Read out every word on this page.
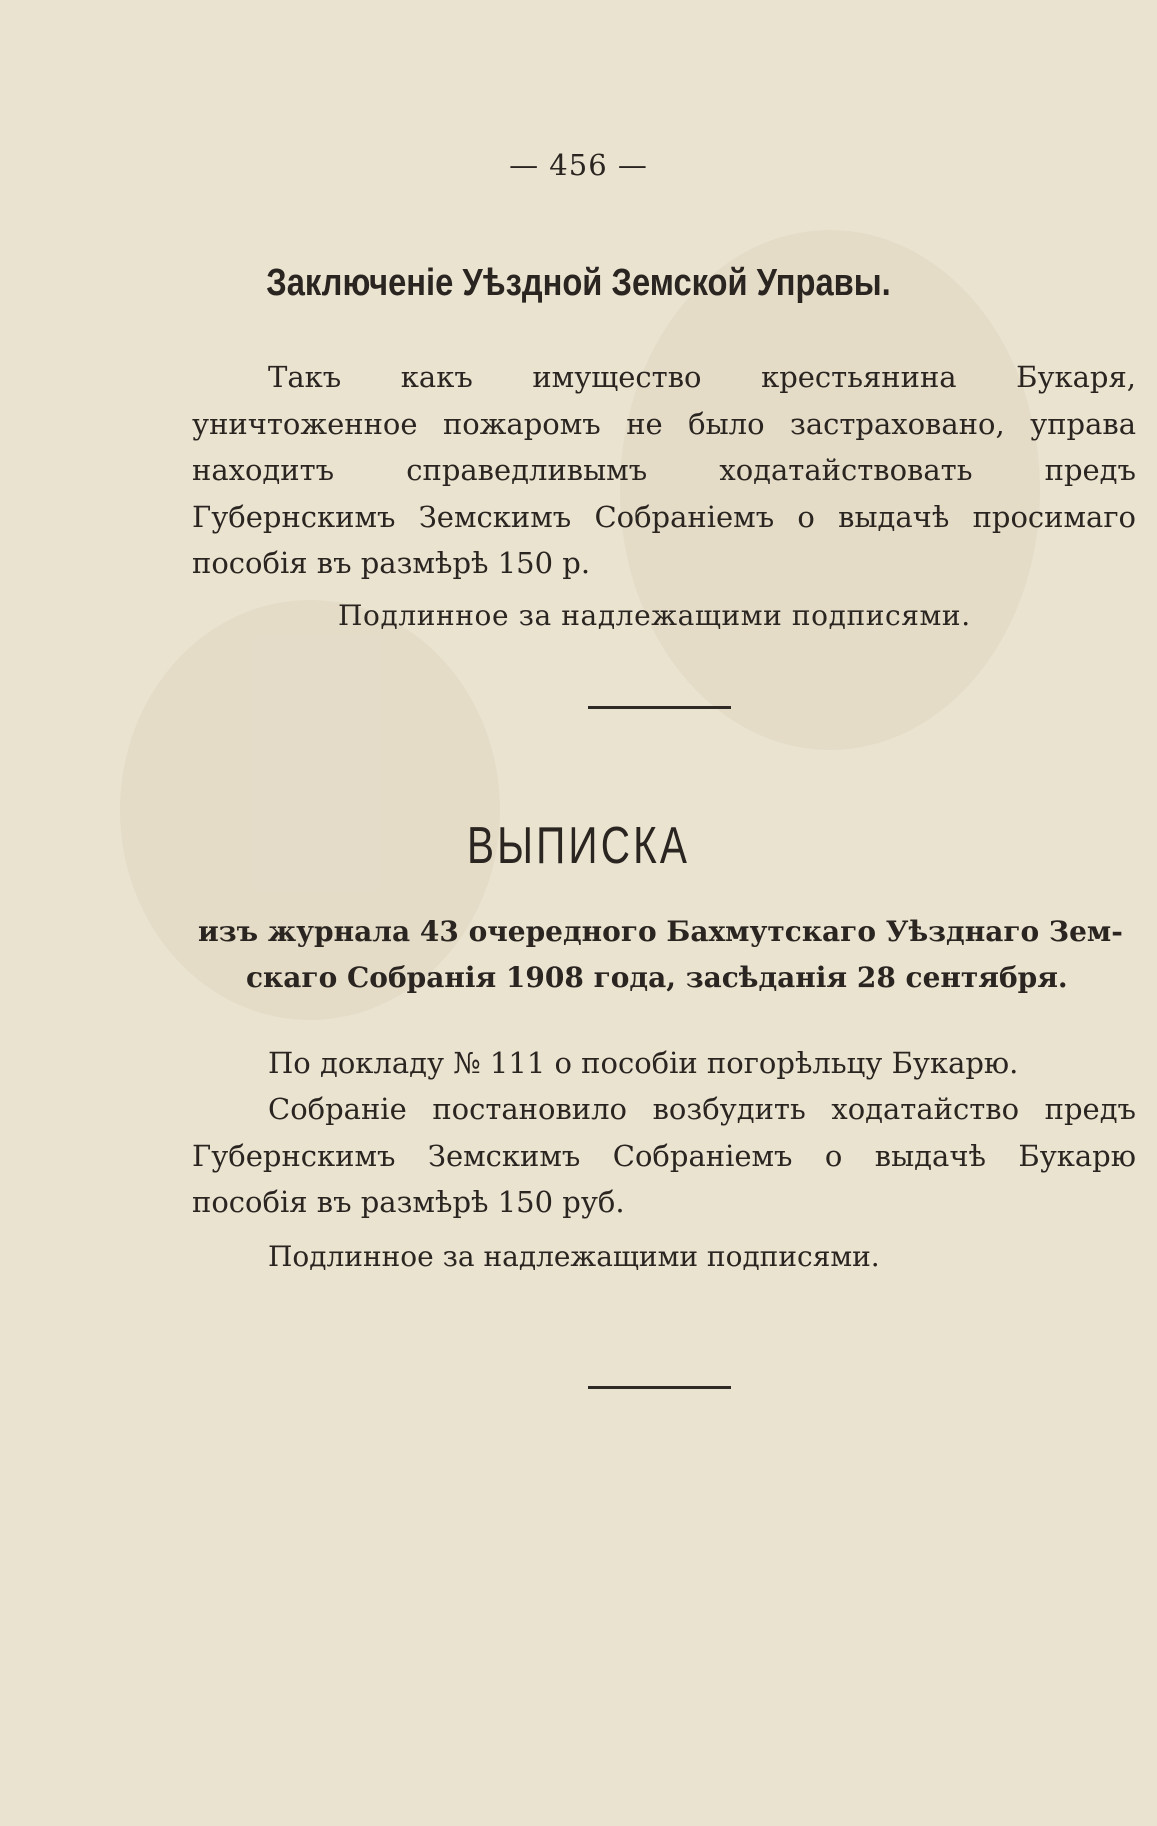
— 456 —
Заключеніе Уѣздной Земской Управы.
Такъ какъ имущество крестьянина Букаря, уничтоженное пожаромъ не было застраховано, управа находитъ справедливымъ ходатайствовать предъ Губернскимъ Земскимъ Собраніемъ о выдачѣ просимаго пособія въ размѣрѣ 150 р.
Подлинное за надлежащими подписями.
ВЫПИСКА
изъ журнала 43 очередного Бахмутскаго Уѣзднаго Зем-
скаго Собранія 1908 года, засѣданія 28 сентября.
По докладу № 111 о пособіи погорѣльцу Букарю.
Собраніе постановило возбудить ходатайство предъ Губернскимъ Земскимъ Собраніемъ о выдачѣ Букарю пособія въ размѣрѣ 150 руб.
Подлинное за надлежащими подписями.
